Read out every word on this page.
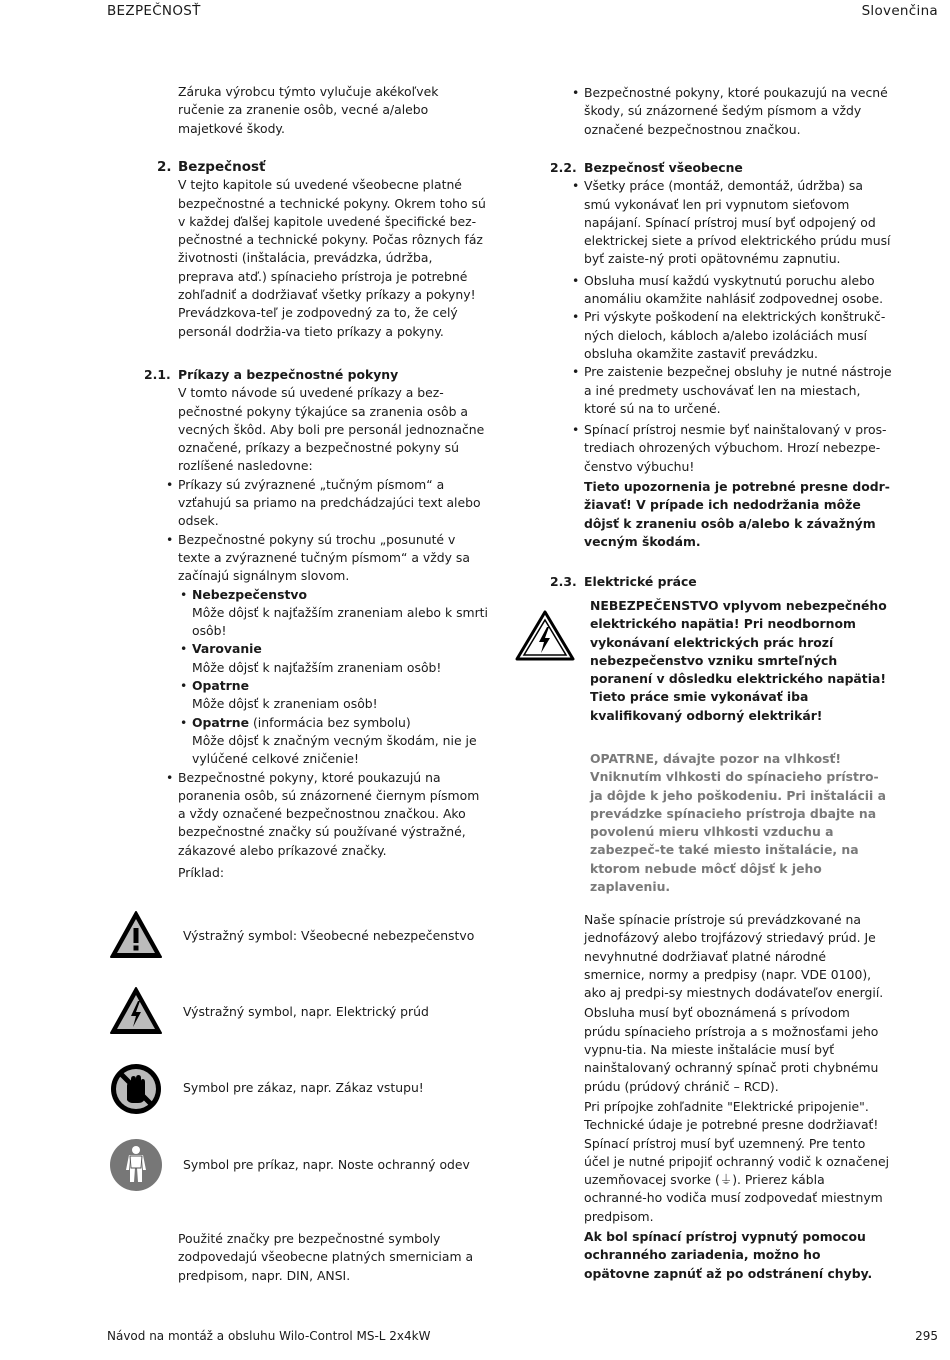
BEZPEČNOSŤ	Slovenčina

Záruka výrobcu týmto vylučuje akékoľvek ručenie za zranenie osôb, vecné a/alebo majetkové škody.

2. Bezpečnosť

V tejto kapitole sú uvedené všeobecne platné bezpečnostné a technické pokyny. Okrem toho sú v každej ďalšej kapitole uvedené špecifické bez-pečnostné a technické pokyny. Počas rôznych fáz životnosti (inštalácia, prevádzka, údržba, preprava atď.) spínacieho prístroja je potrebné zohľadniť a dodržiavať všetky príkazy a pokyny! Prevádzkova-teľ je zodpovedný za to, že celý personál dodržia-va tieto príkazy a pokyny.

2.1. Príkazy a bezpečnostné pokyny

V tomto návode sú uvedené príkazy a bez-pečnostné pokyny týkajúce sa zranenia osôb a vecných škôd. Aby boli pre personál jednoznačne označené, príkazy a bezpečnostné pokyny sú rozlíšené nasledovne:

• Príkazy sú zvýraznené „tučným písmom“ a vzťahujú sa priamo na predchádzajúci text alebo odsek.

• Bezpečnostné pokyny sú trochu „posunuté v texte a zvýraznené tučným písmom“ a vždy sa začínajú signálnym slovom.

• Nebezpečenstvo

Môže dôjsť k najťažším zraneniam alebo k smrti osôb!

• Varovanie

Môže dôjsť k najťažším zraneniam osôb!

• Opatrne

Môže dôjsť k zraneniam osôb!

• Opatrne (informácia bez symbolu)

Môže dôjsť k značným vecným škodám, nie je vylúčené celkové zničenie!

• Bezpečnostné pokyny, ktoré poukazujú na poranenia osôb, sú znázornené čiernym písmom a vždy označené bezpečnostnou značkou. Ako bezpečnostné značky sú používané výstražné, zákazové alebo príkazové značky.

Príklad:

Výstražný symbol: Všeobecné nebezpečenstvo
Výstražný symbol, napr. Elektrický prúd
Symbol pre zákaz, napr. Zákaz vstupu!
Symbol pre príkaz, napr. Noste ochranný odev

Použité značky pre bezpečnostné symboly zodpovedajú všeobecne platných smerniciam a predpisom, napr. DIN, ANSI.

• Bezpečnostné pokyny, ktoré poukazujú na vecné škody, sú znázornené šedým písmom a vždy označené bezpečnostnou značkou.

2.2. Bezpečnosť všeobecne

• Všetky práce (montáž, demontáž, údržba) sa smú vykonávať len pri vypnutom sieťovom napájaní. Spínací prístroj musí byť odpojený od elektrickej siete a prívod elektrického prúdu musí byť zaiste-ný proti opätovnému zapnutiu.

• Obsluha musí každú vyskytnutú poruchu alebo anomáliu okamžite nahlásiť zodpovednej osobe.

• Pri výskyte poškodení na elektrických konštrukč-ných dieloch, kábloch a/alebo izoláciách musí obsluha okamžite zastaviť prevádzku.

• Pre zaistenie bezpečnej obsluhy je nutné nástroje a iné predmety uschovávať len na miestach, ktoré sú na to určené.

• Spínací prístroj nesmie byť nainštalovaný v pros-trediach ohrozených výbuchom. Hrozí nebezpe-čenstvo výbuchu!

Tieto upozornenia je potrebné presne dodr-žiavať! V prípade ich nedodržania môže dôjsť k zraneniu osôb a/alebo k závažným vecným škodám.

2.3. Elektrické práce

NEBEZPEČENSTVO vplyvom nebezpečného elektrického napätia! Pri neodbornom vykonávaní elektrických prác hrozí nebezpečenstvo vzniku smrteľných poranení v dôsledku elektrického napätia! Tieto práce smie vykonávať iba kvalifikovaný odborný elektrikár!

OPATRNE, dávajte pozor na vlhkosť! Vniknutím vlhkosti do spínacieho prístro-ja dôjde k jeho poškodeniu. Pri inštalácii a prevádzke spínacieho prístroja dbajte na povolenú mieru vlhkosti vzduchu a zabezpeč-te také miesto inštalácie, na ktorom nebude môcť dôjsť k jeho zaplaveniu.

Naše spínacie prístroje sú prevádzkované na jednofázový alebo trojfázový striedavý prúd. Je nevyhnutné dodržiavať platné národné smernice, normy a predpisy (napr. VDE 0100), ako aj predpi-sy miestnych dodávateľov energií.

Obsluha musí byť oboznámená s prívodom prúdu spínacieho prístroja a s možnosťami jeho vypnu-tia. Na mieste inštalácie musí byť nainštalovaný ochranný spínač proti chybnému prúdu (prúdový chránič – RCD).

Pri prípojke zohľadnite "Elektrické pripojenie". Technické údaje je potrebné presne dodržiavať! Spínací prístroj musí byť uzemnený. Pre tento účel je nutné pripojiť ochranný vodič k označenej uzemňovacej svorke (⏚). Prierez kábla ochranné-ho vodiča musí zodpovedať miestnym predpisom.

Ak bol spínací prístroj vypnutý pomocou ochranného zariadenia, možno ho opätovne zapnúť až po odstránení chyby.

Návod na montáž a obsluhu Wilo-Control MS-L 2x4kW	295
